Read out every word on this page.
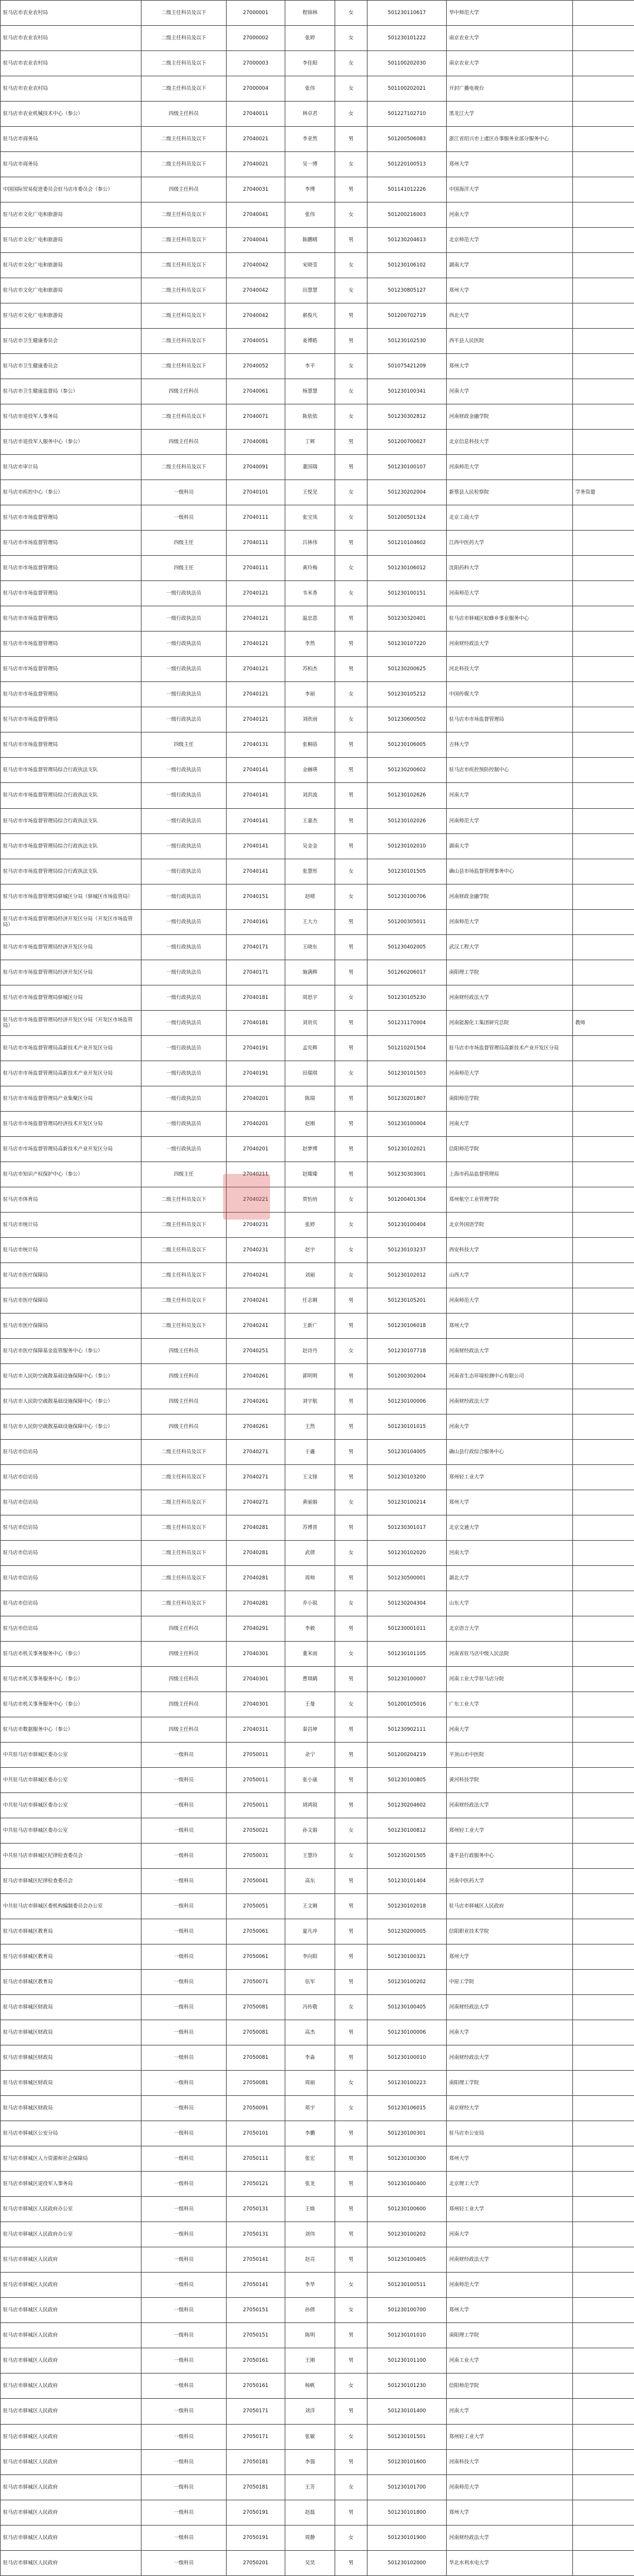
驻马店市农业农村局	二级主任科员及以下	27000001	程锦林	女	501230110617	华中师范大学	
驻马店市农业农村局	二级主任科员及以下	27000002	张婷	女	501230101222	南京农业大学	
驻马店市农业农村局	二级主任科员及以下	27000003	李佳阳	女	501100202030	南京农业大学	
驻马店市农业农村局	二级主任科员及以下	27000004	张伟	女	501100202021	开封广播电视台	
驻马店市农业机械技术中心（参公）	四级主任科员	27040011	林卓君	女	501227102710	黑龙江大学	
驻马店市商务局	二级主任科员及以下	27040021	李亚然	男	501200506083	浙江省绍兴市上虞区办事服务业部分服务中心	
驻马店市商务局	二级主任科员及以下	27040021	吴一博	女	501220100513	郑州大学	
中国国际贸易促进委员会驻马店市委员会（参公）	四级主任科员	27040031	李博	男	501141012226	中国海洋大学	
驻马店市文化广电和旅游局	二级主任科员及以下	27040041	张伟	女	501200216003	河南大学	
驻马店市文化广电和旅游局	二级主任科员及以下	27040041	陈鹏晴	男	501230204613	北京师范大学	
驻马店市文化广电和旅游局	二级主任科员及以下	27040042	宋晓莹	女	501230106102	湖南大学	
驻马店市文化广电和旅游局	二级主任科员及以下	27040042	田慧慧	女	501230805127	郑州大学	
驻马店市文化广电和旅游局	二级主任科员及以下	27040042	郝俊凡	男	501200702719	西北大学	
驻马店市卫生健康委员会	二级主任科员及以下	27040051	姜博皓	男	501230102530	西平县人民医院	
驻马店市卫生健康委员会	二级主任科员及以下	27040052	李平	女	501075421209	郑州大学	
驻马店市卫生健康监督局（参公）	四级主任科员	27040061	杨慧慧	女	501230100341	河南大学	
驻马店市退役军人事务局	二级主任科员及以下	27040071	陈依依	女	501230302812	河南财政金融学院	
驻马店市退役军人服务中心（参公）	四级主任科员	27040081	丁辉	男	501200700027	北京信息科技大学	
驻马店市审计局	二级主任科员及以下	27040091	董国瑞	男	501230100107	河南师范大学	
驻马店市疾控中心（参公）	一级科员	27040101	王悦见	女	501230202004	新蔡县人民检察院	学务资遣
驻马店市市场监督管理局	一级科员	27040111	张宝凤	女	501200501324	北京工商大学	
驻马店市市场监督管理局	四级主任	27040111	吕林伟	男	501210104602	江西中医药大学	
驻马店市市场监督管理局	四级主任	27040111	黄玲梅	女	501230106012	沈阳药科大学	
驻马店市市场监督管理局	一级行政执法员	27040121	韦米香	女	501230100151	河南师范大学	
驻马店市市场监督管理局	一级行政执法员	27040121	温忠恩	男	501230320401	驻马店市驿城区蚁蜂乡事业服务中心	
驻马店市市场监督管理局	一级行政执法员	27040121	李然	男	501230107220	河南财经政法大学	
驻马店市市场监督管理局	一级行政执法员	27040121	苏柏杰	男	501230200625	河北科技大学	
驻马店市市场监督管理局	一级行政执法员	27040121	李丽	女	501230105212	中国传媒大学	
驻马店市市场监督管理局	一级行政执法员	27040121	刘欣雨	女	501230600502	驻马店市市场监督管理局	
驻马店市市场监督管理局	四级主任	27040131	张桐蓓	男	501230106005	吉林大学	
驻马店市市场监督管理局综合行政执法支队	一级行政执法员	27040141	金赫瑛	男	501230200602	驻马店市疾控预防控制中心	
驻马店市市场监督管理局综合行政执法支队	一级行政执法员	27040141	刘洪波	男	501230102626	河南大学	
驻马店市市场监督管理局综合行政执法支队	一级行政执法员	27040141	王嘉杰	男	501230102026	河南师范大学	
驻马店市市场监督管理局综合行政执法支队	一级行政执法员	27040141	吴金金	男	501230102010	湖南大学	
驻马店市市场监督管理局综合行政执法支队	一级行政执法员	27040141	张慧彤	女	501230101505	确山县市场监督管理事务中心	
驻马店市市场监督管理局驿城区分局（驿城区市场监管局）	一级行政执法员	27040151	赵晴	女	501230100706	河南财政金融学院	
驻马店市市场监督管理局经济开发区分局（开发区市场监管局）	一级行政执法员	27040161	王大力	男	501200305011	河南师范大学	
驻马店市市场监督管理局经济开发区分局	一级行政执法员	27040171	王晓东	男	501230402005	武汉工程大学	
驻马店市市场监督管理局经济开发区分局	一级行政执法员	27040171	施满辉	男	501260206017	南阳理工学院	
驻马店市市场监督管理局驿城区分局	一级行政执法员	27040181	周思宇	女	501230105230	河南财经政法大学	
驻马店市市场监督管理局经济开发区分局（开发区市场监管局）	一级行政执法员	27040181	刘贵宾	男	501231170004	河南能源化工集团研究总院	教师
驻马店市市场监督管理局高新技术产业开发区分局	一级行政执法员	27040191	孟宪辉	男	501210201504	驻马店市市场监督管理局高新技术产业开发区分局	
驻马店市市场监督管理局高新技术产业开发区分局	一级行政执法员	27040191	田瑞琪	女	501230101503	河南师范大学	
驻马店市市场监督管理局产业集聚区分局	一级行政执法员	27040201	陈瑞	男	501230201807	南阳师范学院	
驻马店市市场监督管理局经济技术开发区分局	一级行政执法员	27040201	赵刚	男	501230100004	河南大学	
驻马店市市场监督管理局高新技术产业开发区分局	一级行政执法员	27040201	赵梦博	男	501230102021	信阳师范学院	
驻马店市知识产权保护中心（参公）	四级主任	27040211	赵臻臻	男	501230303001	上海市药品监督管理局	
驻马店市体育局	二级主任科员及以下	27040221	贾怡培	女	501200401304	郑州航空工业管理学院	
驻马店市统计局	二级主任科员及以下	27040231	张婷	女	501230100404	北京外国语学院	
驻马店市统计局	二级主任科员及以下	27040231	赵宇	女	501230103237	西安科技大学	
驻马店市医疗保障局	二级主任科员及以下	27040241	刘丽	女	501230102012	山西大学	
驻马店市医疗保障局	二级主任科员及以下	27040241	任志刚	男	501230105201	河南师范大学	
驻马店市医疗保障局	二级主任科员及以下	27040241	王新广	男	501230106018	郑州大学	
驻马店市医疗保障基金监管服务中心（参公）	四级主任科员	27040251	赵诗丹	女	501230107718	河南财经政法大学	
驻马店市人民防空疏散基础设施保障中心（参公）	四级主任科员	27040261	郭明明	男	501200302004	河南省生态环境检测中心有限公司	
驻马店市人民防空疏散基础设施保障中心（参公）	四级主任科员	27040261	刘宇航	男	501230100006	河南财经政法大学	
驻马店市人民防空疏散基础设施保障中心（参公）	四级主任科员	27040261	王然	男	501230101015	河南大学	
驻马店市信访局	二级主任科员及以下	27040271	于鑫	男	501230104005	确山县行政综合服务中心	
驻马店市信访局	二级主任科员及以下	27040271	王文锋	男	501230103200	郑州轻工业大学	
驻马店市信访局	二级主任科员及以下	27040271	黄丽娟	女	501230100214	郑州大学	
驻马店市信访局	二级主任科员及以下	27040281	苏博晋	男	501230301017	北京交通大学	
驻马店市信访局	二级主任科员及以下	27040281	武倩	女	501230102020	河南大学	
驻马店市信访局	二级主任科员及以下	27040281	周帅	男	501230500001	湖北大学	
驻马店市信访局	二级主任科员及以下	27040281	乔小锐	女	501230204304	山东大学	
驻马店市信访局	四级主任科员	27040291	李毅	男	501230001011	北京语言大学	
驻马店市机关事务服务中心（参公）	四级主任科员	27040301	董米雨	女	501230101105	河南省驻马店中级人民法院	
驻马店市机关事务服务中心（参公）	四级主任科员	27040301	曹琪鹤	男	501230100007	河南工业大学驻马店分院	
驻马店市机关事务服务中心（参公）	四级主任科员	27040301	王曼	女	501200105016	广东工业大学	
驻马店市数据服务中心（参公）	四级主任科员	27040311	秦昌坤	男	501230902111	河南大学	
中共驻马店市驿城区委办公室	一级科员	27050011	余宁	男	501200204219	平顶山市中医院	
中共驻马店市驿城区委办公室	一级科员	27050011	张小康	男	501230100805	黄河科技学院	
中共驻马店市驿城区委办公室	一级科员	27050011	胡鸿锐	男	501230204602	河南财经政法大学	
中共驻马店市驿城区委办公室	一级科员	27050021	孙文娟	女	501230100812	郑州轻工业大学	
中共驻马店市驿城区纪律检查委员会	一级科员	27050031	王慧玲	女	501230201505	遂平县行政服务中心	
驻马店市驿城区纪律检查委员会	一级科员	27050041	高东	男	501230101404	河南中医药大学	
中共驻马店市驿城区委机构编制委员会办公室	一级科员	27050051	王文刚	男	501230102018	驻马店市驿城区人民政府	
驻马店市驿城区教育局	一级科员	27050061	夏凡冲	男	501230200005	信阳职业技术学院	
驻马店市驿城区教育局	一级科员	27050061	李向阳	男	501230100321	郑州大学	
驻马店市驿城区教育局	一级科员	27050071	伍军	男	501230100202	中原工学院	
驻马店市驿城区财政局	一级科员	27050081	冯传敬	女	501230100405	河南财经政法大学	
驻马店市驿城区财政局	一级科员	27050081	高杰	男	501230100006	河南大学	
驻马店市驿城区财政局	一级科员	27050081	李淼	男	501230100010	河南财经政法大学	
驻马店市驿城区财政局	一级科员	27050081	周丽	女	501230100223	南阳理工学院	
驻马店市驿城区财政局	一级科员	27050091	郑宇	女	501230106015	南京财经大学	
驻马店市驿城区公安分局	一级科员	27050101	李鹏	男	501230100301	驻马店市公安局	
驻马店市驿城区人力资源和社会保障局	一级科员	27050111	张宏	男	501230100300	郑州大学	
驻马店市驿城区退役军人事务局	一级科员	27050121	张龙	男	501230100400	北京理工大学	
驻马店市驿城区人民政府办公室	一级科员	27050131	王焕	男	501230100600	郑州轻工业大学	
驻马店市驿城区人民政府办公室	一级科员	27050131	刘伟	男	501230100202	河南大学	
驻马店市驿城区人民政府	一级科员	27050141	赵亮	男	501230100405	河南财经政法大学	
驻马店市驿城区人民政府	一级科员	27050141	李华	女	501230100511	河南师范大学	
驻马店市驿城区人民政府	一级科员	27050151	孙倩	女	501230100700	郑州大学	
驻马店市驿城区人民政府	一级科员	27050151	陈明	男	501230101010	南阳理工学院	
驻马店市驿城区人民政府	一级科员	27050161	王刚	男	501230101100	河南工业大学	
驻马店市驿城区人民政府	一级科员	27050161	杨帆	女	501230101230	信阳师范学院	
驻马店市驿城区人民政府	一级科员	27050171	刘洋	男	501230101400	河南大学	
驻马店市驿城区人民政府	一级科员	27050171	张敏	女	501230101501	郑州轻工业大学	
驻马店市驿城区人民政府	一级科员	27050181	李强	男	501230101600	河南科技大学	
驻马店市驿城区人民政府	一级科员	27050181	王芳	女	501230101700	河南师范大学	
驻马店市驿城区人民政府	一级科员	27050191	赵磊	男	501230101800	郑州大学	
驻马店市驿城区人民政府	一级科员	27050191	周静	女	501230101900	河南财经政法大学	
驻马店市驿城区人民政府	一级科员	27050201	吴昊	男	501230102000	华北水利水电大学	
